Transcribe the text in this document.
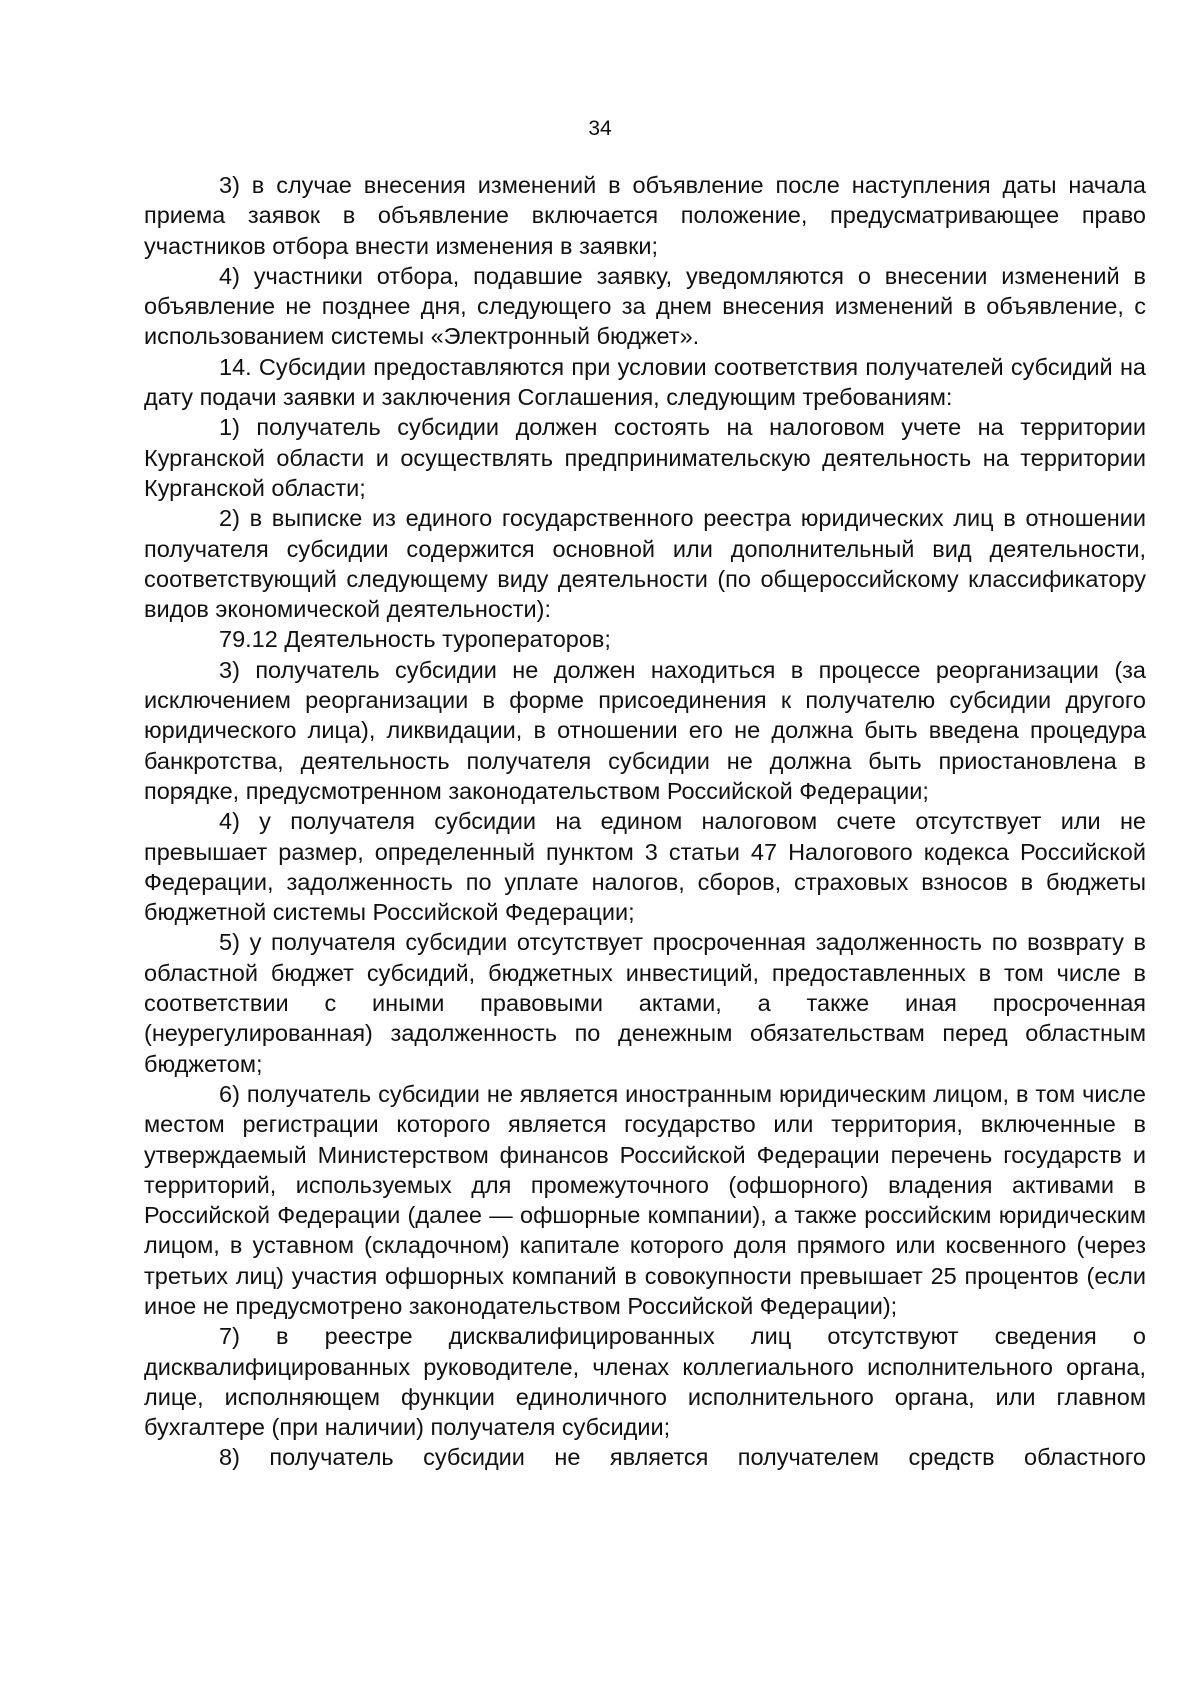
34

3) в случае внесения изменений в объявление после наступления даты начала приема заявок в объявление включается положение, предусматривающее право участников отбора внести изменения в заявки;

4) участники отбора, подавшие заявку, уведомляются о внесении изменений в объявление не позднее дня, следующего за днем внесения изменений в объявление, с использованием системы «Электронный бюджет».

14. Субсидии предоставляются при условии соответствия получателей субсидий на дату подачи заявки и заключения Соглашения, следующим требованиям:

1) получатель субсидии должен состоять на налоговом учете на территории Курганской области и осуществлять предпринимательскую деятельность на территории Курганской области;

2) в выписке из единого государственного реестра юридических лиц в отношении получателя субсидии содержится основной или дополнительный вид деятельности, соответствующий следующему виду деятельности (по общероссийскому классификатору видов экономической деятельности):

79.12 Деятельность туроператоров;

3) получатель субсидии не должен находиться в процессе реорганизации (за исключением реорганизации в форме присоединения к получателю субсидии другого юридического лица), ликвидации, в отношении его не должна быть введена процедура банкротства, деятельность получателя субсидии не должна быть приостановлена в порядке, предусмотренном законодательством Российской Федерации;

4) у получателя субсидии на едином налоговом счете отсутствует или не превышает размер, определенный пунктом 3 статьи 47 Налогового кодекса Российской Федерации, задолженность по уплате налогов, сборов, страховых взносов в бюджеты бюджетной системы Российской Федерации;

5) у получателя субсидии отсутствует просроченная задолженность по возврату в областной бюджет субсидий, бюджетных инвестиций, предоставленных в том числе в соответствии с иными правовыми актами, а также иная просроченная (неурегулированная) задолженность по денежным обязательствам перед областным бюджетом;

6) получатель субсидии не является иностранным юридическим лицом, в том числе местом регистрации которого является государство или территория, включенные в утверждаемый Министерством финансов Российской Федерации перечень государств и территорий, используемых для промежуточного (офшорного) владения активами в Российской Федерации (далее — офшорные компании), а также российским юридическим лицом, в уставном (складочном) капитале которого доля прямого или косвенного (через третьих лиц) участия офшорных компаний в совокупности превышает 25 процентов (если иное не предусмотрено законодательством Российской Федерации);

7) в реестре дисквалифицированных лиц отсутствуют сведения о дисквалифицированных руководителе, членах коллегиального исполнительного органа, лице, исполняющем функции единоличного исполнительного органа, или главном бухгалтере (при наличии) получателя субсидии;

8) получатель субсидии не является получателем средств областного
